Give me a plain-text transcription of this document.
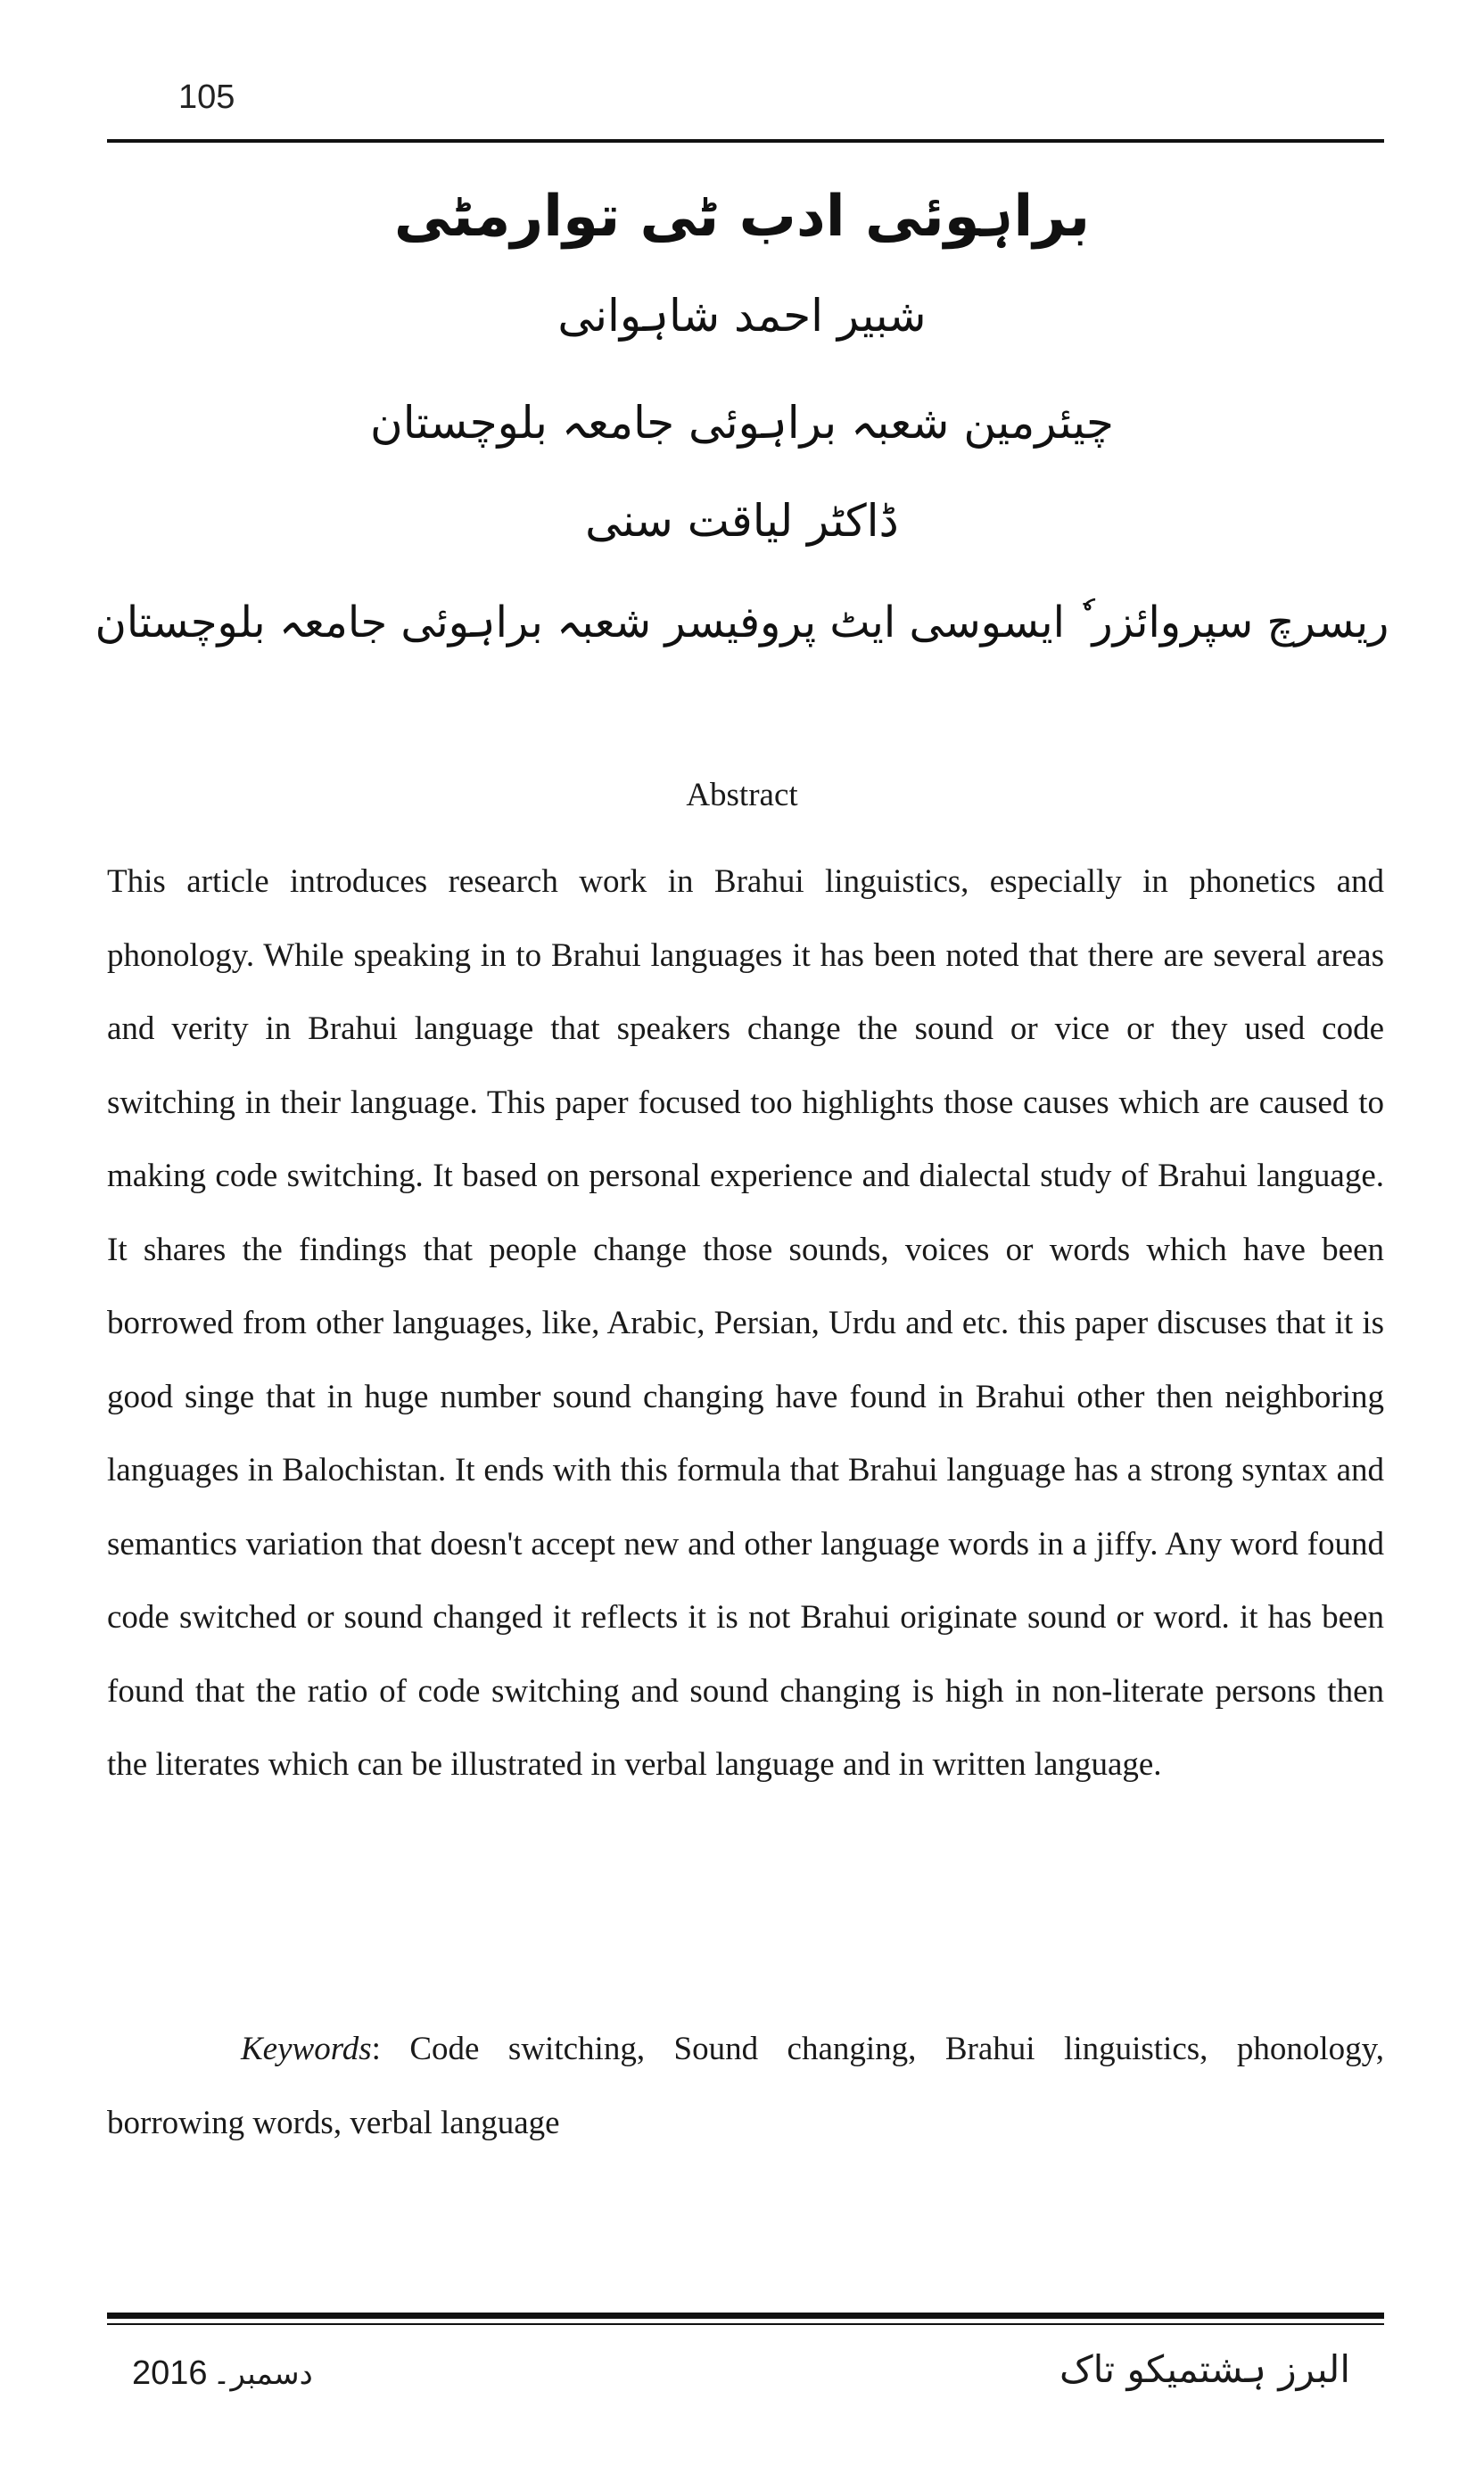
105
براہوئی ادب ٹی توارمٹی
شبیر احمد شاہوانی
چیئرمین شعبہ براہوئی جامعہ بلوچستان
ڈاکٹر لیاقت سنی
ریسرچ سپروائزر ٗ ایسوسی ایٹ پروفیسر شعبہ براہوئی جامعہ بلوچستان
Abstract

This article introduces research work in Brahui linguistics, especially in phonetics and phonology. While speaking in to Brahui languages it has been noted that there are several areas and verity in Brahui language that speakers change the sound or vice or they used code switching in their language. This paper focused too highlights those causes which are caused to making code switching. It based on personal experience and dialectal study of Brahui language. It shares the findings that people change those sounds, voices or words which have been borrowed from other languages, like, Arabic, Persian, Urdu and etc. this paper discuses that it is good singe that in huge number sound changing have found in Brahui other then neighboring languages in Balochistan. It ends with this formula that Brahui language has a strong syntax and semantics variation that doesn't accept new and other language words in a jiffy. Any word found code switched or sound changed it reflects it is not Brahui originate sound or word. it has been found that the ratio of code switching and sound changing is high in non-literate persons then the literates which can be illustrated in verbal language and in written language.

Keywords: Code switching, Sound changing, Brahui linguistics, phonology, borrowing words, verbal language

دسمبر۔
2016	البرز ہشتمیکو تاک
